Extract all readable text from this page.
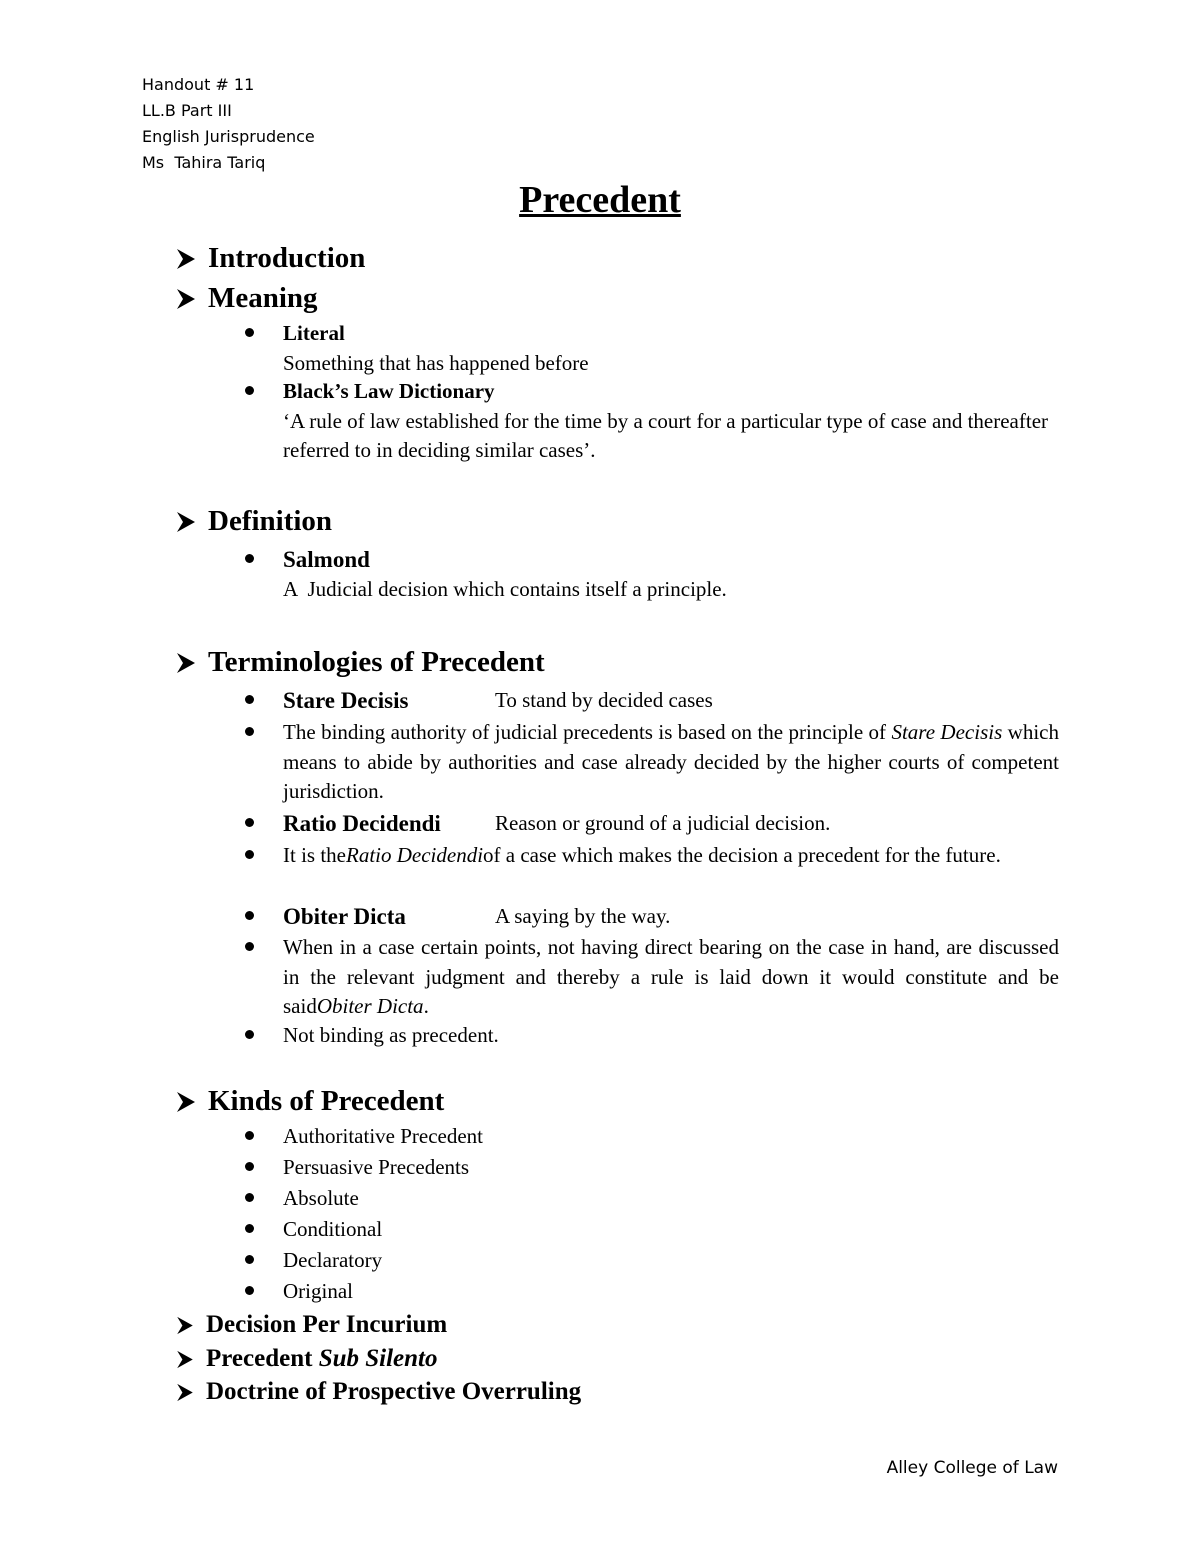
Handout # 11
LL.B Part III
English Jurisprudence
Ms  Tahira Tariq
Precedent
Introduction
Meaning
Literal
Something that has happened before
Black’s Law Dictionary
‘A rule of law established for the time by a court for a particular type of case and thereafter referred to in deciding similar cases’.
Definition
Salmond
A  Judicial decision which contains itself a principle.
Terminologies of Precedent
Stare Decisis	To stand by decided cases
The binding authority of judicial precedents is based on the principle of Stare Decisis which means to abide by authorities and case already decided by the higher courts of competent jurisdiction.
Ratio Decidendi	Reason or ground of a judicial decision.
It is theRatio Decidendiof a case which makes the decision a precedent for the future.
Obiter Dicta	A saying by the way.
When in a case certain points, not having direct bearing on the case in hand, are discussed in the relevant judgment and thereby a rule is laid down it would constitute and be saidObiter Dicta.
Not binding as precedent.
Kinds of Precedent
Authoritative Precedent
Persuasive Precedents
Absolute
Conditional
Declaratory
Original
Decision Per Incurium
Precedent Sub Silento
Doctrine of Prospective Overruling
Alley College of Law
